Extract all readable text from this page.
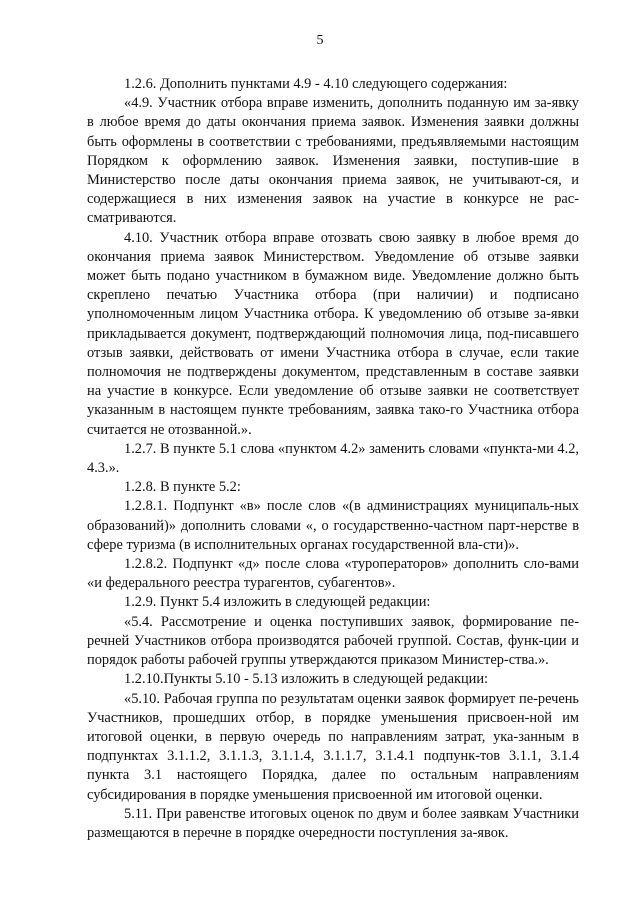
5

1.2.6. Дополнить пунктами 4.9 - 4.10 следующего содержания:

«4.9. Участник отбора вправе изменить, дополнить поданную им за-явку в любое время до даты окончания приема заявок. Изменения заявки должны быть оформлены в соответствии с требованиями, предъявляемыми настоящим Порядком к оформлению заявок. Изменения заявки, поступив-шие в Министерство после даты окончания приема заявок, не учитывают-ся, и содержащиеся в них изменения заявок на участие в конкурсе не рас-сматриваются.

4.10. Участник отбора вправе отозвать свою заявку в любое время до окончания приема заявок Министерством. Уведомление об отзыве заявки может быть подано участником в бумажном виде. Уведомление должно быть скреплено печатью Участника отбора (при наличии) и подписано уполномоченным лицом Участника отбора. К уведомлению об отзыве за-явки прикладывается документ, подтверждающий полномочия лица, под-писавшего отзыв заявки, действовать от имени Участника отбора в случае, если такие полномочия не подтверждены документом, представленным в составе заявки на участие в конкурсе. Если уведомление об отзыве заявки не соответствует указанным в настоящем пункте требованиям, заявка тако-го Участника отбора считается не отозванной.».

1.2.7. В пункте 5.1 слова «пунктом 4.2» заменить словами «пункта-ми 4.2, 4.3.».

1.2.8. В пункте 5.2:

1.2.8.1. Подпункт «в» после слов «(в администрациях муниципаль-ных образований)» дополнить словами «, о государственно-частном парт-нерстве в сфере туризма (в исполнительных органах государственной вла-сти)».

1.2.8.2. Подпункт «д» после слова «туроператоров» дополнить сло-вами «и федерального реестра турагентов, субагентов».

1.2.9. Пункт 5.4 изложить в следующей редакции:

«5.4. Рассмотрение и оценка поступивших заявок, формирование пе-речней Участников отбора производятся рабочей группой. Состав, функ-ции и порядок работы рабочей группы утверждаются приказом Министер-ства.».

1.2.10.Пункты 5.10 - 5.13 изложить в следующей редакции:

«5.10. Рабочая группа по результатам оценки заявок формирует пе-речень Участников, прошедших отбор, в порядке уменьшения присвоен-ной им итоговой оценки, в первую очередь по направлениям затрат, ука-занным в подпунктах 3.1.1.2, 3.1.1.3, 3.1.1.4, 3.1.1.7, 3.1.4.1 подпунк-тов 3.1.1, 3.1.4 пункта 3.1 настоящего Порядка, далее по остальным направлениям субсидирования в порядке уменьшения присвоенной им итоговой оценки.

5.11. При равенстве итоговых оценок по двум и более заявкам Участники размещаются в перечне в порядке очередности поступления за-явок.
